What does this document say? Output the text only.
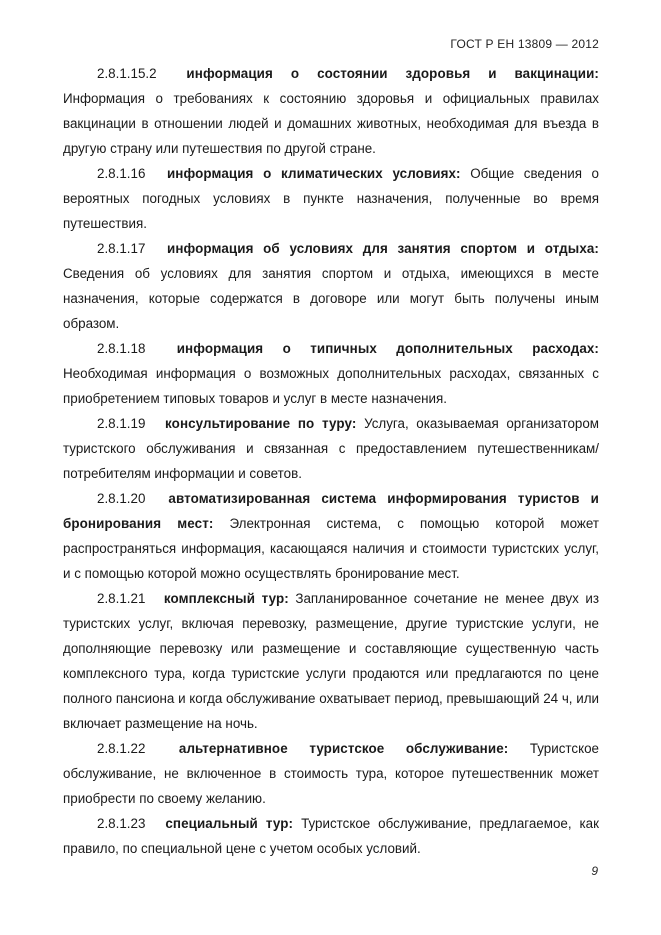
ГОСТ Р ЕН 13809 — 2012

2.8.1.15.2 информация о состоянии здоровья и вакцинации: Информация о требованиях к состоянию здоровья и официальных правилах вакцинации в отношении людей и домашних животных, необходимая для въезда в другую страну или путешествия по другой стране.

2.8.1.16 информация о климатических условиях: Общие сведения о вероятных погодных условиях в пункте назначения, полученные во время путешествия.

2.8.1.17 информация об условиях для занятия спортом и отдыха: Сведения об условиях для занятия спортом и отдыха, имеющихся в месте назначения, которые содержатся в договоре или могут быть получены иным образом.

2.8.1.18 информация о типичных дополнительных расходах: Необходимая информация о возможных дополнительных расходах, связанных с приобретением типовых товаров и услуг в месте назначения.

2.8.1.19 консультирование по туру: Услуга, оказываемая организатором туристского обслуживания и связанная с предоставлением путешественникам/потребителям информации и советов.

2.8.1.20 автоматизированная система информирования туристов и бронирования мест: Электронная система, с помощью которой может распространяться информация, касающаяся наличия и стоимости туристских услуг, и с помощью которой можно осуществлять бронирование мест.

2.8.1.21 комплексный тур: Запланированное сочетание не менее двух из туристских услуг, включая перевозку, размещение, другие туристские услуги, не дополняющие перевозку или размещение и составляющие существенную часть комплексного тура, когда туристские услуги продаются или предлагаются по цене полного пансиона и когда обслуживание охватывает период, превышающий 24 ч, или включает размещение на ночь.

2.8.1.22 альтернативное туристское обслуживание: Туристское обслуживание, не включенное в стоимость тура, которое путешественник может приобрести по своему желанию.

2.8.1.23 специальный тур: Туристское обслуживание, предлагаемое, как правило, по специальной цене с учетом особых условий.

9
